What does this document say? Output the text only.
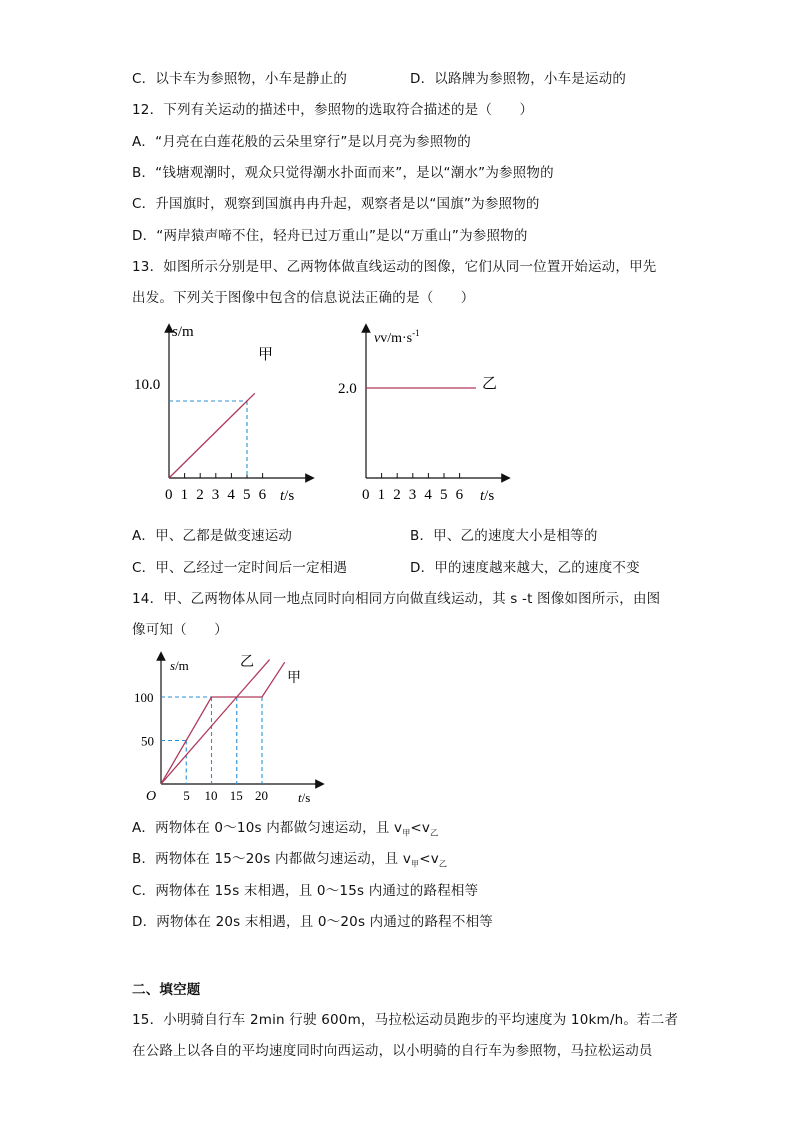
C．以卡车为参照物，小车是静止的	D．以路牌为参照物，小车是运动的
12．下列有关运动的描述中，参照物的选取符合描述的是（　　）
A．“月亮在白莲花般的云朵里穿行”是以月亮为参照物的
B．“钱塘观潮时，观众只觉得潮水扑面而来”，是以“潮水”为参照物的
C．升国旗时，观察到国旗冉冉升起，观察者是以“国旗”为参照物的
D．“两岸猿声啼不住，轻舟已过万重山”是以“万重山”为参照物的
13．如图所示分别是甲、乙两物体做直线运动的图像，它们从同一位置开始运动，甲先
出发。下列关于图像中包含的信息说法正确的是（　　）
0 1 2 3 4 5 6
s/m
t/s
10.0
甲
0 1 2 3 4 5 6
$vv/m\cdot s^{-1}$
t/s
2.0	乙
A．甲、乙都是做变速运动	B．甲、乙的速度大小是相等的
C．甲、乙经过一定时间后一定相遇	D．甲的速度越来越大，乙的速度不变
14．甲、乙两物体从同一地点同时向相同方向做直线运动，其 s -t 图像如图所示，由图
像可知（　　）
5 10 15 20
50
100
s/m
t/s
O
乙
甲
A．两物体在 0～10s 内都做匀速运动，且 $v_甲<v_乙$
B．两物体在 15～20s 内都做匀速运动，且 $v_甲<v_乙$
C．两物体在 15s 末相遇，且 0～15s 内通过的路程相等
D．两物体在 20s 末相遇，且 0～20s 内通过的路程不相等
二、填空题
15．小明骑自行车 2min 行驶 600m，马拉松运动员跑步的平均速度为 10km/h。若二者
在公路上以各自的平均速度同时向西运动，以小明骑的自行车为参照物，马拉松运动员
